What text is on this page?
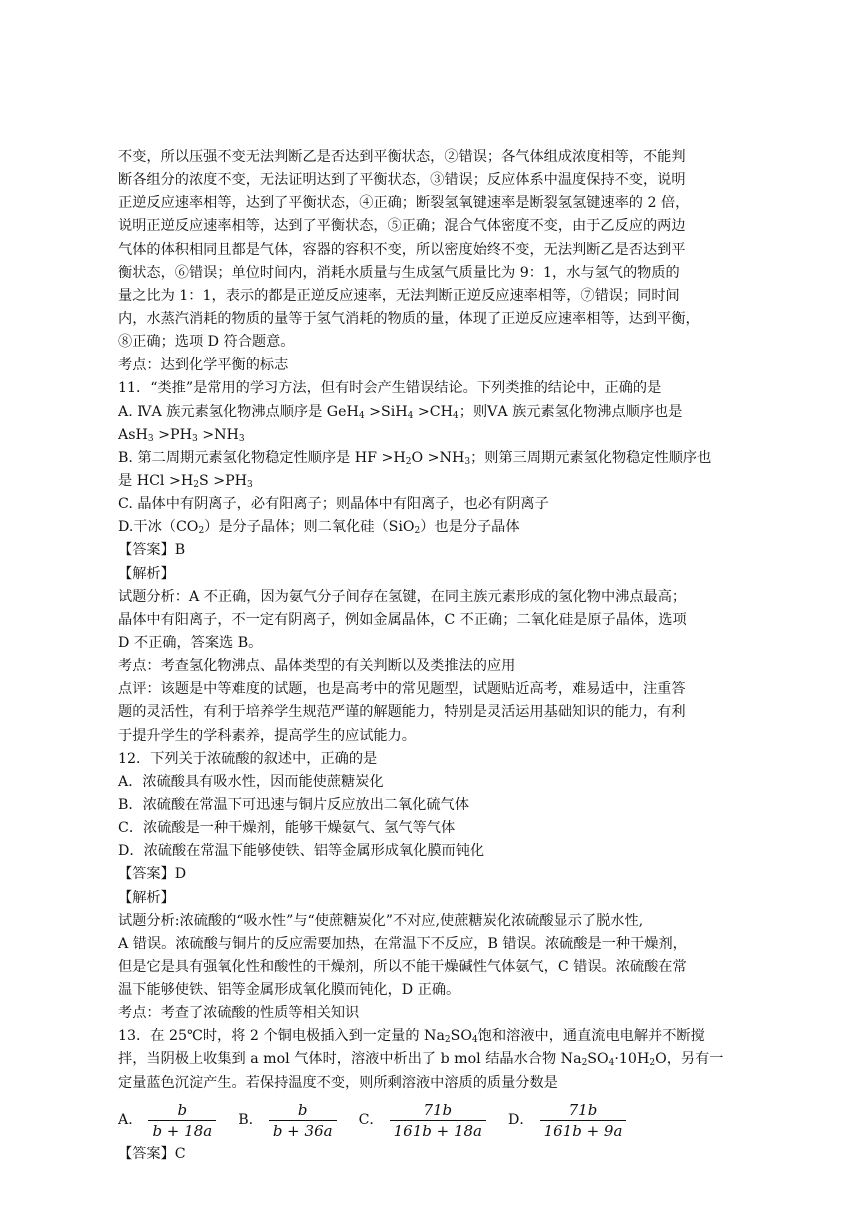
不变，所以压强不变无法判断乙是否达到平衡状态，②错误；各气体组成浓度相等，不能判
断各组分的浓度不变，无法证明达到了平衡状态，③错误；反应体系中温度保持不变，说明
正逆反应速率相等，达到了平衡状态，④正确；断裂氢氧键速率是断裂氢氢键速率的 2 倍，
说明正逆反应速率相等，达到了平衡状态，⑤正确；混合气体密度不变，由于乙反应的两边
气体的体积相同且都是气体，容器的容积不变，所以密度始终不变，无法判断乙是否达到平
衡状态，⑥错误；单位时间内，消耗水质量与生成氢气质量比为 9：1，水与氢气的物质的
量之比为 1：1，表示的都是正逆反应速率，无法判断正逆反应速率相等，⑦错误；同时间
内，水蒸汽消耗的物质的量等于氢气消耗的物质的量，体现了正逆反应速率相等，达到平衡，
⑧正确；选项 D 符合题意。
考点：达到化学平衡的标志
11．“类推”是常用的学习方法，但有时会产生错误结论。下列类推的结论中，正确的是
A. ⅣA 族元素氢化物沸点顺序是 $GeH_4 >SiH_4 >CH_4$；则ⅤA 族元素氢化物沸点顺序也是
$AsH_3 >PH_3 >NH_3$
B. 第二周期元素氢化物稳定性顺序是 HF $>H_2O >NH_3$；则第三周期元素氢化物稳定性顺序也
是 HCl $>H_2S >PH_3$
C. 晶体中有阴离子，必有阳离子；则晶体中有阳离子，也必有阴离子
D.干冰$(CO_2)$是分子晶体；则二氧化硅（SiO$_2$）也是分子晶体
【答案】B
【解析】
试题分析：A 不正确，因为氨气分子间存在氢键，在同主族元素形成的氢化物中沸点最高；
晶体中有阳离子，不一定有阴离子，例如金属晶体，C 不正确；二氧化硅是原子晶体，选项
D 不正确，答案选 B。
考点：考查氢化物沸点、晶体类型的有关判断以及类推法的应用
点评：该题是中等难度的试题，也是高考中的常见题型，试题贴近高考，难易适中，注重答
题的灵活性，有利于培养学生规范严谨的解题能力，特别是灵活运用基础知识的能力，有利
于提升学生的学科素养，提高学生的应试能力。
12．下列关于浓硫酸的叙述中，正确的是
A．浓硫酸具有吸水性，因而能使蔗糖炭化
B．浓硫酸在常温下可迅速与铜片反应放出二氧化硫气体
C．浓硫酸是一种干燥剂，能够干燥氨气、氢气等气体
D．浓硫酸在常温下能够使铁、铝等金属形成氧化膜而钝化
【答案】D
【解析】
试题分析:浓硫酸的“吸水性”与“使蔗糖炭化”不对应,使蔗糖炭化浓硫酸显示了脱水性,
A 错误。浓硫酸与铜片的反应需要加热，在常温下不反应，B 错误。浓硫酸是一种干燥剂，
但是它是具有强氧化性和酸性的干燥剂，所以不能干燥碱性气体氨气，C 错误。浓硫酸在常
温下能够使铁、铝等金属形成氧化膜而钝化，D 正确。
考点：考查了浓硫酸的性质等相关知识
13．在 25℃时，将 2 个铜电极插入到一定量的 $Na_2SO_4$饱和溶液中，通直流电电解并不断搅
拌，当阴极上收集到 a mol 气体时，溶液中析出了 b mol 结晶水合物 $Na_2SO_4\cdot 10H_2O$，另有一
定量蓝色沉淀产生。若保持温度不变，则所剩溶液中溶质的质量分数是
A． $\frac{b}{b + 18a}$ B． $\frac{b}{b + 36a}$ C． $\frac{71b}{161b + 18a}$ D． $\frac{71b}{161b + 9a}$
【答案】C
